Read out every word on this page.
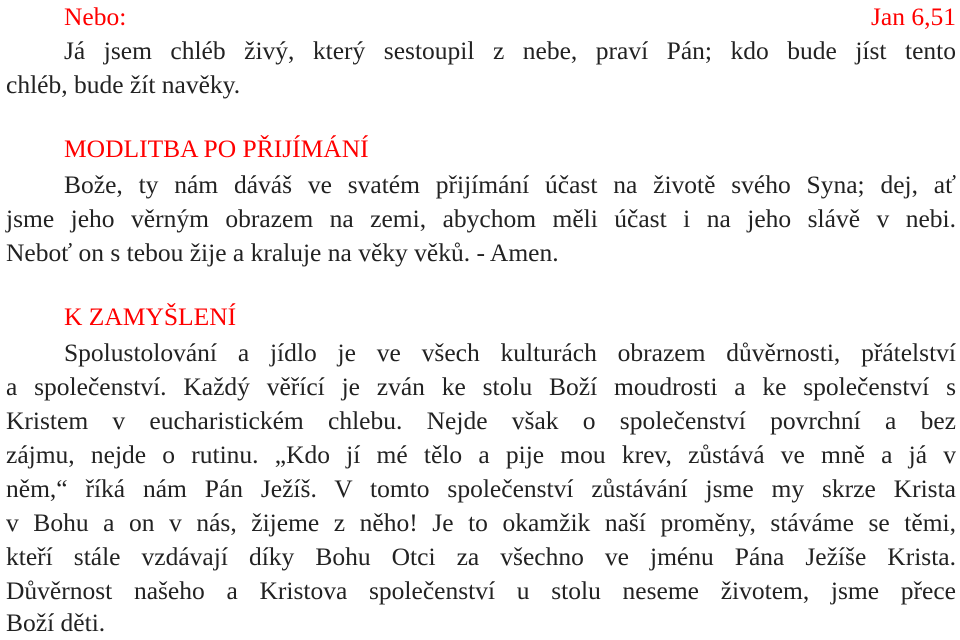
Nebo:	Jan 6,51
Já jsem chléb živý, který sestoupil z nebe, praví Pán; kdo bude jíst tento
chléb, bude žít navěky.
MODLITBA PO PŘIJÍMÁNÍ
Bože, ty nám dáváš ve svatém přijímání účast na životě svého Syna; dej, ať
jsme jeho věrným obrazem na zemi, abychom měli účast i na jeho slávě v nebi.
Neboť on s tebou žije a kraluje na věky věků. - Amen.
K ZAMYŠLENÍ
Spolustolování a jídlo je ve všech kulturách obrazem důvěrnosti, přátelství
a společenství. Každý věřící je zván ke stolu Boží moudrosti a ke společenství s
Kristem v eucharistickém chlebu. Nejde však o společenství povrchní a bez
zájmu, nejde o rutinu. „Kdo jí mé tělo a pije mou krev, zůstává ve mně a já v
něm,“ říká nám Pán Ježíš. V tomto společenství zůstávání jsme my skrze Krista
v Bohu a on v nás, žijeme z něho! Je to okamžik naší proměny, stáváme se těmi,
kteří stále vzdávají díky Bohu Otci za všechno ve jménu Pána Ježíše Krista.
Důvěrnost našeho a Kristova společenství u stolu neseme životem, jsme přece
Boží děti.
